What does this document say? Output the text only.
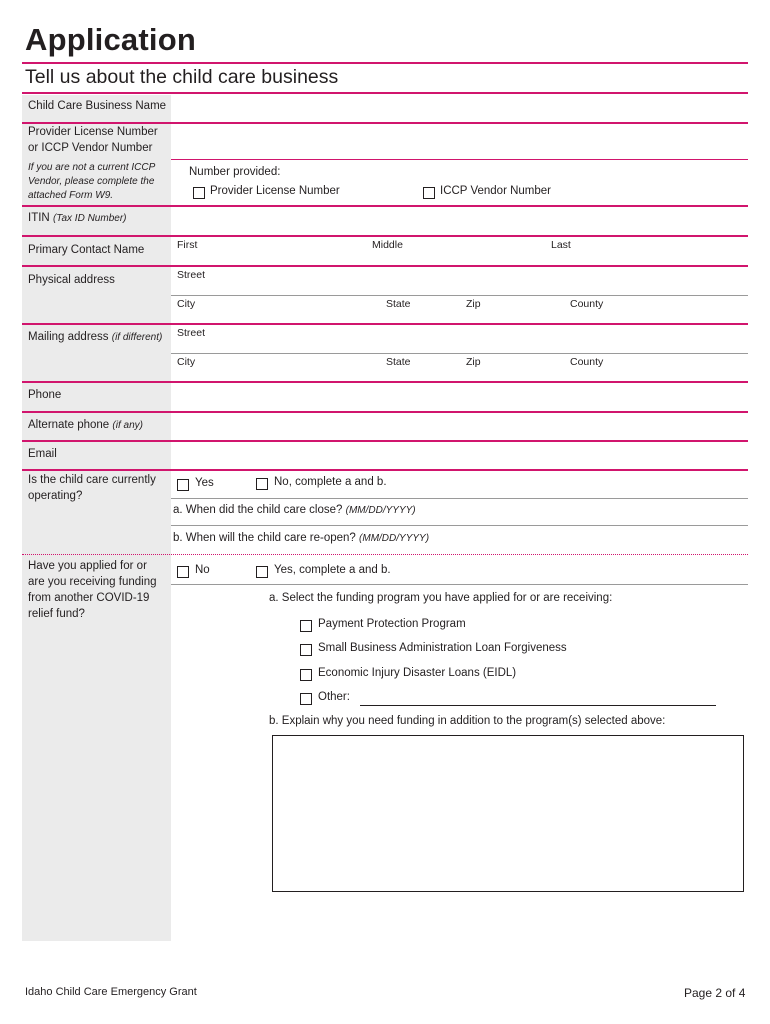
Application
Tell us about the child care business
Child Care Business Name
Provider License Number or ICCP Vendor Number
If you are not a current ICCP Vendor, please complete the attached Form W9.
Number provided:
Provider License Number	ICCP Vendor Number
ITIN (Tax ID Number)
Primary Contact Name	First	Middle	Last
Physical address	Street
City	State	Zip	County
Mailing address (if different) Street
City	State	Zip	County
Phone
Alternate phone (if any)
Email
Is the child care currently operating?
Yes	No, complete a and b.
a. When did the child care close? (MM/DD/YYYY)
b. When will the child care re-open? (MM/DD/YYYY)
Have you applied for or are you receiving funding from another COVID-19 relief fund?
No	Yes, complete a and b.
a. Select the funding program you have applied for or are receiving:
Payment Protection Program
Small Business Administration Loan Forgiveness
Economic Injury Disaster Loans (EIDL)
Other:
b. Explain why you need funding in addition to the program(s) selected above:
Idaho Child Care Emergency Grant	Page 2 of 4
